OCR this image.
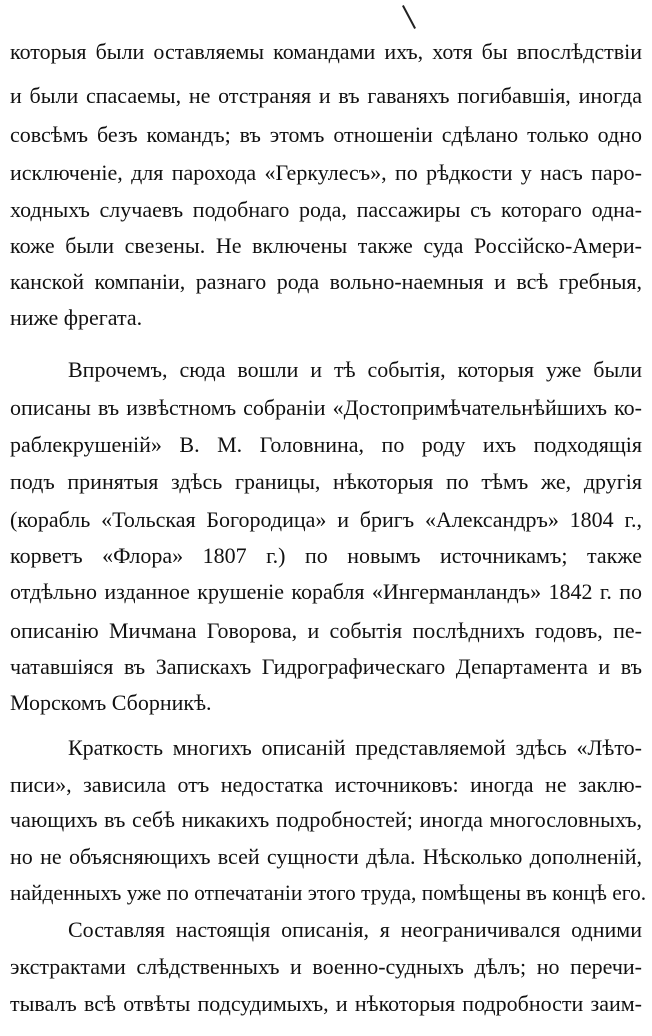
которыя были оставляемы командами ихъ, хотя бы впослѣдствіи
и были спасаемы, не отстраняя и въ гаваняхъ погибавшія, иногда
совсѣмъ безъ командъ; въ этомъ отношеніи сдѣлано только одно
исключеніе, для парохода «Геркулесъ», по рѣдкости у насъ паро-
ходныхъ случаевъ подобнаго рода, пассажиры съ котораго одна-
коже были свезены. Не включены также суда Россійско-Амери-
канской компаніи, разнаго рода вольно-наемныя и всѣ гребныя,
ниже фрегата.
Впрочемъ, сюда вошли и тѣ событія, которыя уже были
описаны въ извѣстномъ собраніи «Достопримѣчательнѣйшихъ ко-
раблекрушеній» В. М. Головнина, по роду ихъ подходящія
подъ принятыя здѣсь границы, нѣкоторыя по тѣмъ же, другія
(корабль «Тольская Богородица» и бригъ «Александръ» 1804 г.,
корветъ «Флора» 1807 г.) по новымъ источникамъ; также
отдѣльно изданное крушеніе корабля «Ингерманландъ» 1842 г. по
описанію Мичмана Говорова, и событія послѣднихъ годовъ, пе-
чатавшіяся въ Запискахъ Гидрографическаго Департамента и въ
Морскомъ Сборникѣ.
Краткость многихъ описаній представляемой здѣсь «Лѣто-
писи», зависила отъ недостатка источниковъ: иногда не заклю-
чающихъ въ себѣ никакихъ подробностей; иногда многословныхъ,
но не объясняющихъ всей сущности дѣла. Нѣсколько дополненій,
найденныхъ уже по отпечатаніи этого труда, помѣщены въ концѣ его.
Составляя настоящія описанія, я неограничивался одними
экстрактами слѣдственныхъ и военно-судныхъ дѣлъ; но перечи-
тывалъ всѣ отвѣты подсудимыхъ, и нѣкоторыя подробности заим-
